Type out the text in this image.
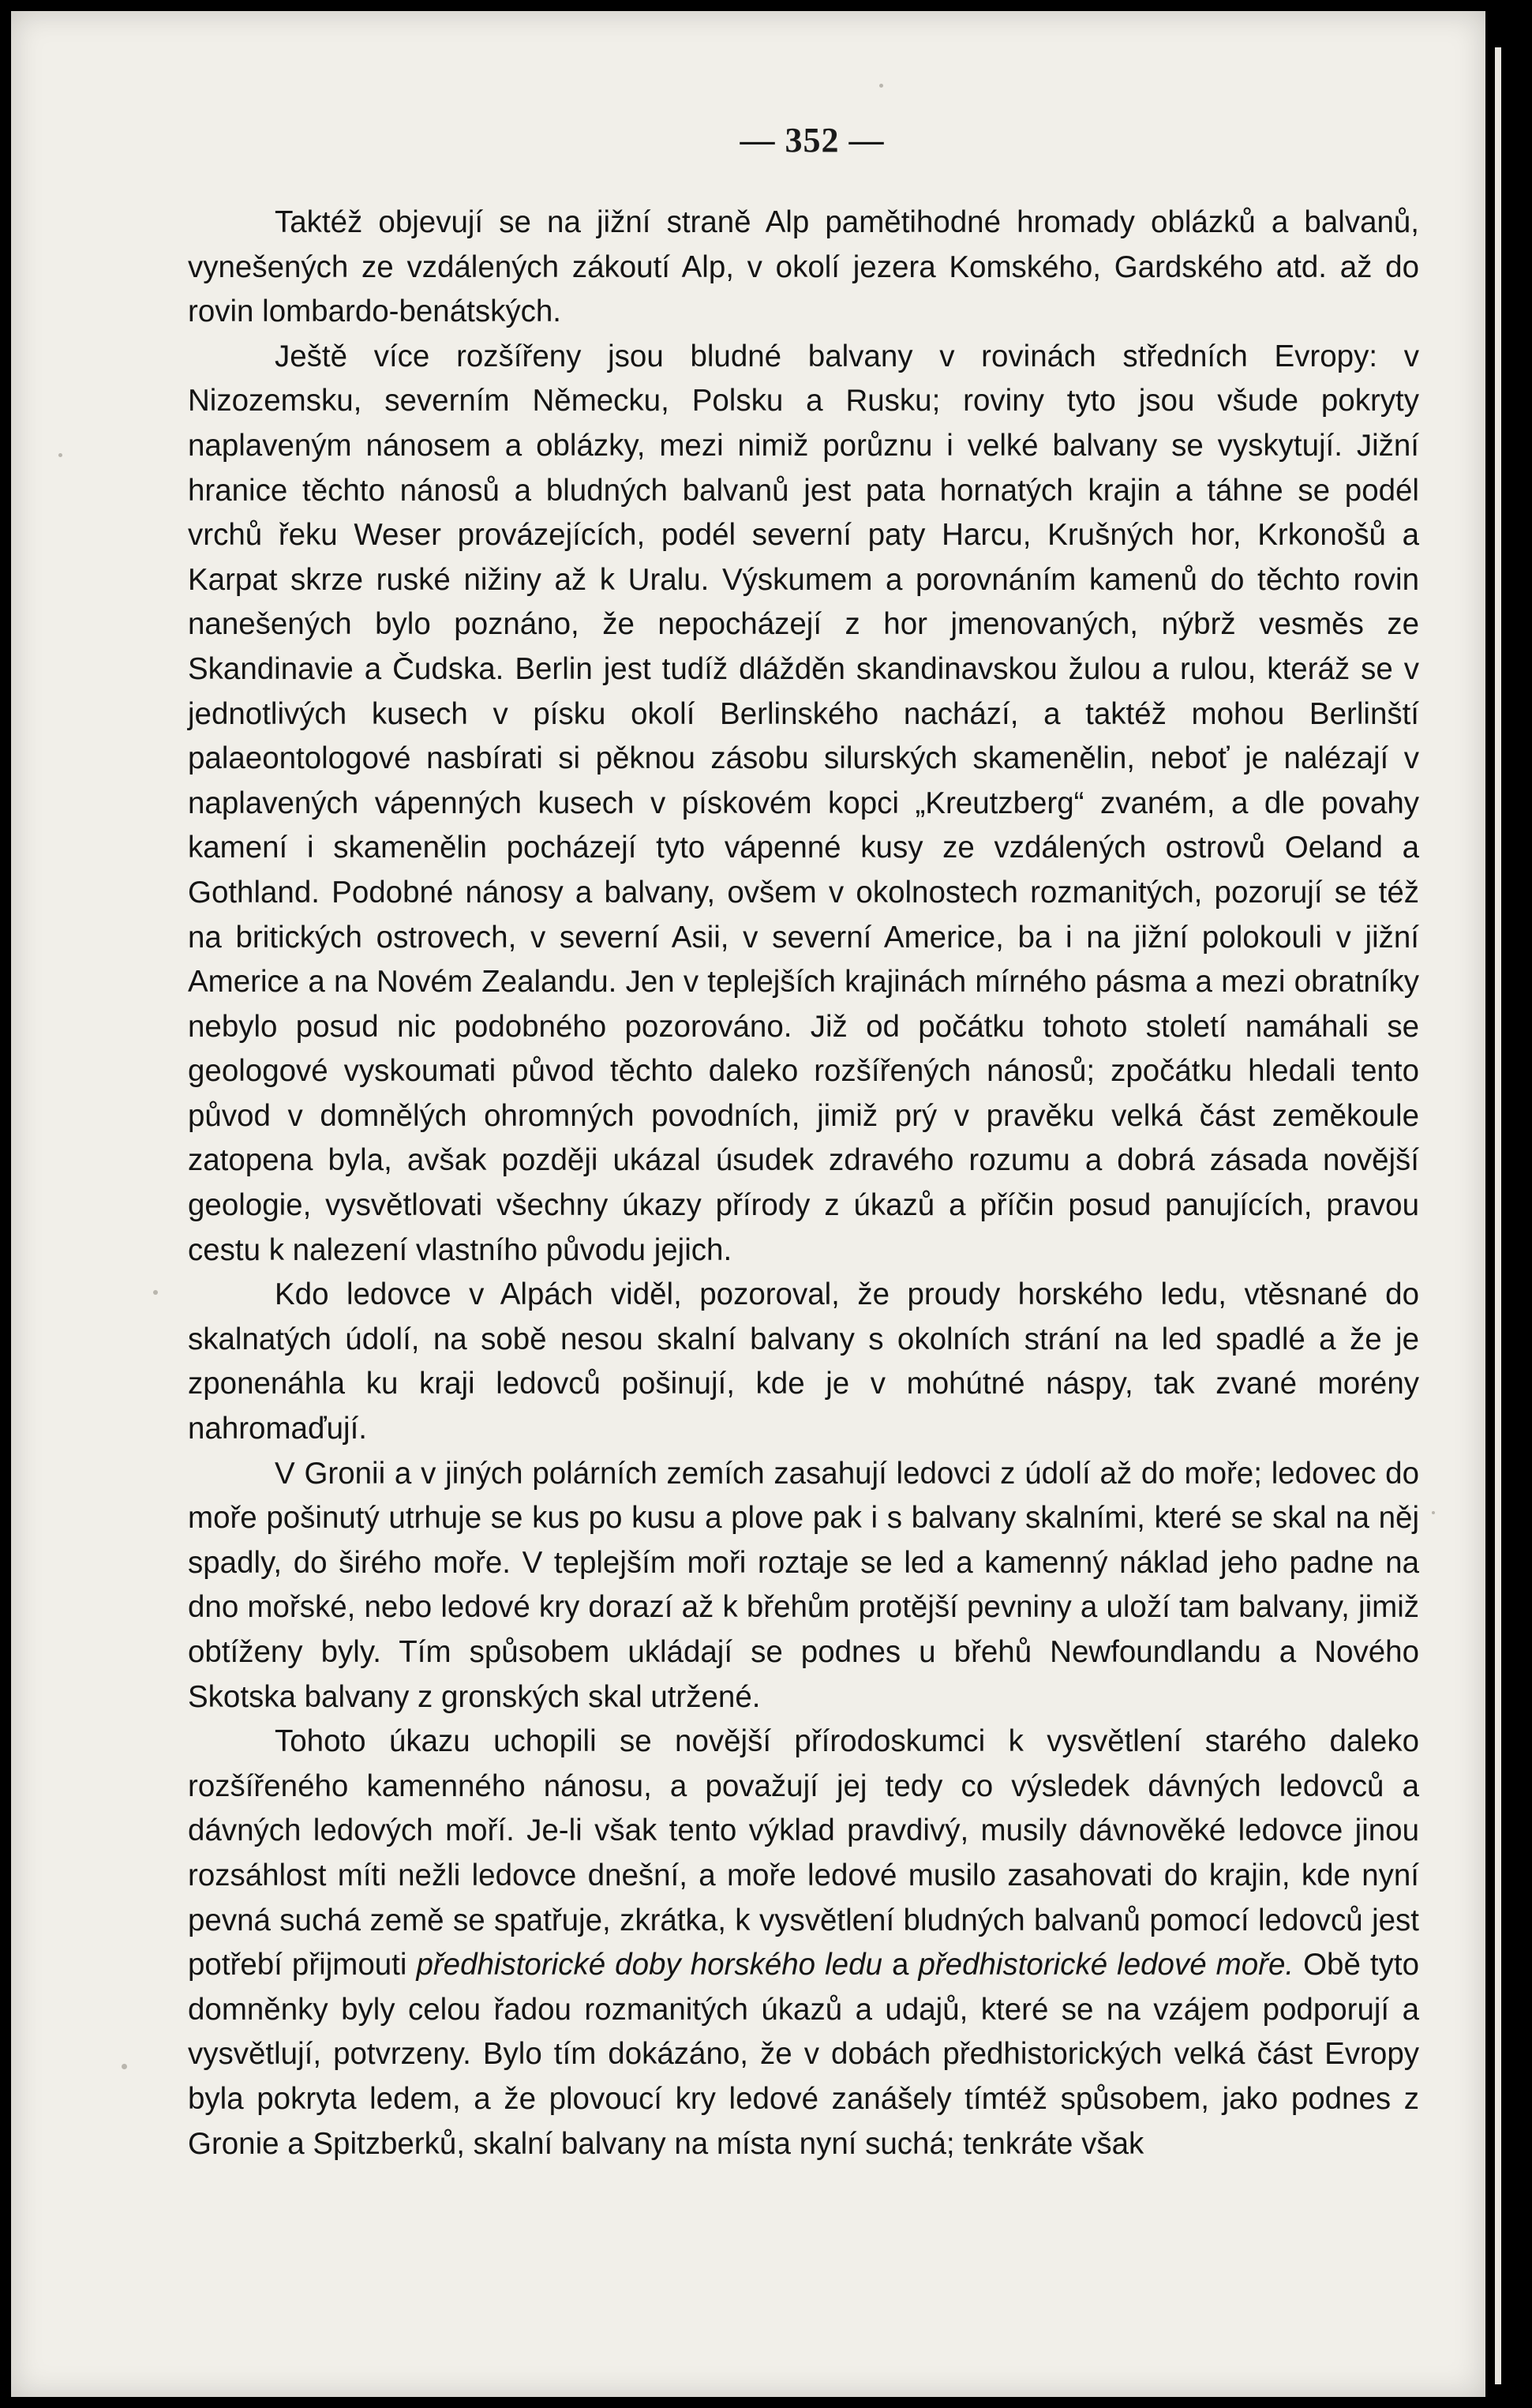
— 352 —

Taktéž objevují se na jižní straně Alp pamětihodné hromady oblázků a balvanů, vynešených ze vzdálených zákoutí Alp, v okolí jezera Komského, Gardského atd. až do rovin lombardo-benátských.

Ještě více rozšířeny jsou bludné balvany v rovinách středních Evropy: v Nizozemsku, severním Německu, Polsku a Rusku; roviny tyto jsou všude pokryty naplaveným nánosem a oblázky, mezi nimiž porůznu i velké balvany se vyskytují. Jižní hranice těchto nánosů a bludných balvanů jest pata hornatých krajin a táhne se podél vrchů řeku Weser provázejících, podél severní paty Harcu, Krušných hor, Krkonošů a Karpat skrze ruské nižiny až k Uralu. Výskumem a porovnáním kamenů do těchto rovin nanešených bylo poznáno, že nepocházejí z hor jmenovaných, nýbrž vesměs ze Skandinavie a Čudska. Berlin jest tudíž dlážděn skandinavskou žulou a rulou, kteráž se v jednotlivých kusech v písku okolí Berlinského nachází, a taktéž mohou Berlinští palaeontologové nasbírati si pěknou zásobu silurských skamenělin, neboť je nalézají v naplavených vápenných kusech v pískovém kopci „Kreutzberg“ zvaném, a dle povahy kamení i skamenělin pocházejí tyto vápenné kusy ze vzdálených ostrovů Oeland a Gothland. Podobné nánosy a balvany, ovšem v okolnostech rozmanitých, pozorují se též na britických ostrovech, v severní Asii, v severní Americe, ba i na jižní polokouli v jižní Americe a na Novém Zealandu. Jen v teplejších krajinách mírného pásma a mezi obratníky nebylo posud nic podobného pozorováno. Již od počátku tohoto století namáhali se geologové vyskoumati původ těchto daleko rozšířených nánosů; zpočátku hledali tento původ v domnělých ohromných povodních, jimiž prý v pravěku velká část zeměkoule zatopena byla, avšak později ukázal úsudek zdravého rozumu a dobrá zásada novější geologie, vysvětlovati všechny úkazy přírody z úkazů a příčin posud panujících, pravou cestu k nalezení vlastního původu jejich.

Kdo ledovce v Alpách viděl, pozoroval, že proudy horského ledu, vtěsnané do skalnatých údolí, na sobě nesou skalní balvany s okolních strání na led spadlé a že je zponenáhla ku kraji ledovců pošinují, kde je v mohútné náspy, tak zvané morény nahromaďují.

V Gronii a v jiných polárních zemích zasahují ledovci z údolí až do moře; ledovec do moře pošinutý utrhuje se kus po kusu a plove pak i s balvany skalními, které se skal na něj spadly, do širého moře. V teplejším moři roztaje se led a kamenný náklad jeho padne na dno mořské, nebo ledové kry dorazí až k břehům protější pevniny a uloží tam balvany, jimiž obtíženy byly. Tím spůsobem ukládají se podnes u břehů Newfoundlandu a Nového Skotska balvany z gronských skal utržené.

Tohoto úkazu uchopili se novější přírodoskumci k vysvětlení starého daleko rozšířeného kamenného nánosu, a považují jej tedy co výsledek dávných ledovců a dávných ledových moří. Je-li však tento výklad pravdivý, musily dávnověké ledovce jinou rozsáhlost míti nežli ledovce dnešní, a moře ledové musilo zasahovati do krajin, kde nyní pevná suchá země se spatřuje, zkrátka, k vysvětlení bludných balvanů pomocí ledovců jest potřebí přijmouti předhistorické doby horského ledu a předhistorické ledové moře. Obě tyto domněnky byly celou řadou rozmanitých úkazů a udajů, které se na vzájem podporují a vysvětlují, potvrzeny. Bylo tím dokázáno, že v dobách předhistorických velká část Evropy byla pokryta ledem, a že plovoucí kry ledové zanášely tímtéž spůsobem, jako podnes z Gronie a Spitzberků, skalní balvany na místa nyní suchá; tenkráte však
